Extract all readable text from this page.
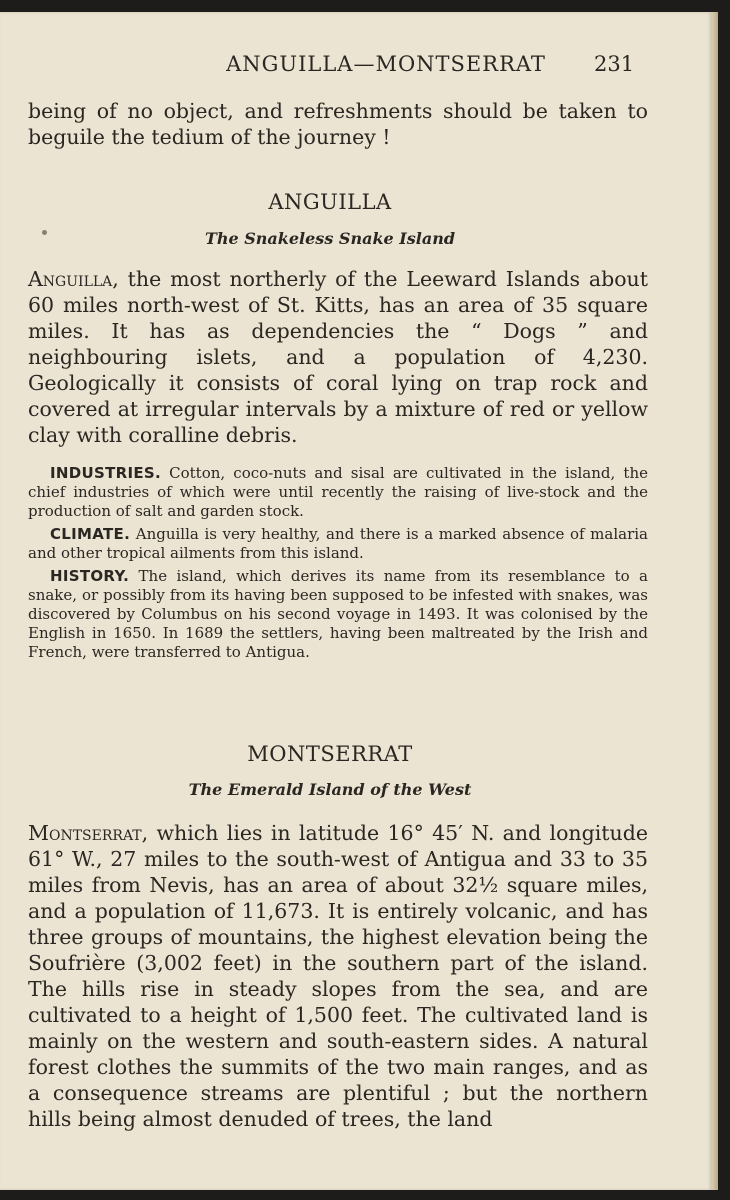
ANGUILLA—MONTSERRAT	231
being of no object, and refreshments should be taken to beguile the tedium of the journey !
ANGUILLA
The Snakeless Snake Island
Anguilla, the most northerly of the Leeward Islands about 60 miles north-west of St. Kitts, has an area of 35 square miles. It has as dependencies the “ Dogs ” and neighbouring islets, and a population of 4,230. Geologically it consists of coral lying on trap rock and covered at irregular intervals by a mixture of red or yellow clay with coralline debris.

INDUSTRIES. Cotton, coco-nuts and sisal are cultivated in the island, the chief industries of which were until recently the raising of live-stock and the production of salt and garden stock.

CLIMATE. Anguilla is very healthy, and there is a marked absence of malaria and other tropical ailments from this island.

HISTORY. The island, which derives its name from its resemblance to a snake, or possibly from its having been supposed to be infested with snakes, was discovered by Columbus on his second voyage in 1493. It was colonised by the English in 1650. In 1689 the settlers, having been maltreated by the Irish and French, were transferred to Antigua.

MONTSERRAT
The Emerald Island of the West
Montserrat, which lies in latitude 16° 45′ N. and longitude 61° W., 27 miles to the south-west of Antigua and 33 to 35 miles from Nevis, has an area of about 32½ square miles, and a population of 11,673. It is entirely volcanic, and has three groups of mountains, the highest elevation being the Soufrière (3,002 feet) in the southern part of the island. The hills rise in steady slopes from the sea, and are cultivated to a height of 1,500 feet. The cultivated land is mainly on the western and south-eastern sides. A natural forest clothes the summits of the two main ranges, and as a consequence streams are plentiful ; but the northern hills being almost denuded of trees, the land
